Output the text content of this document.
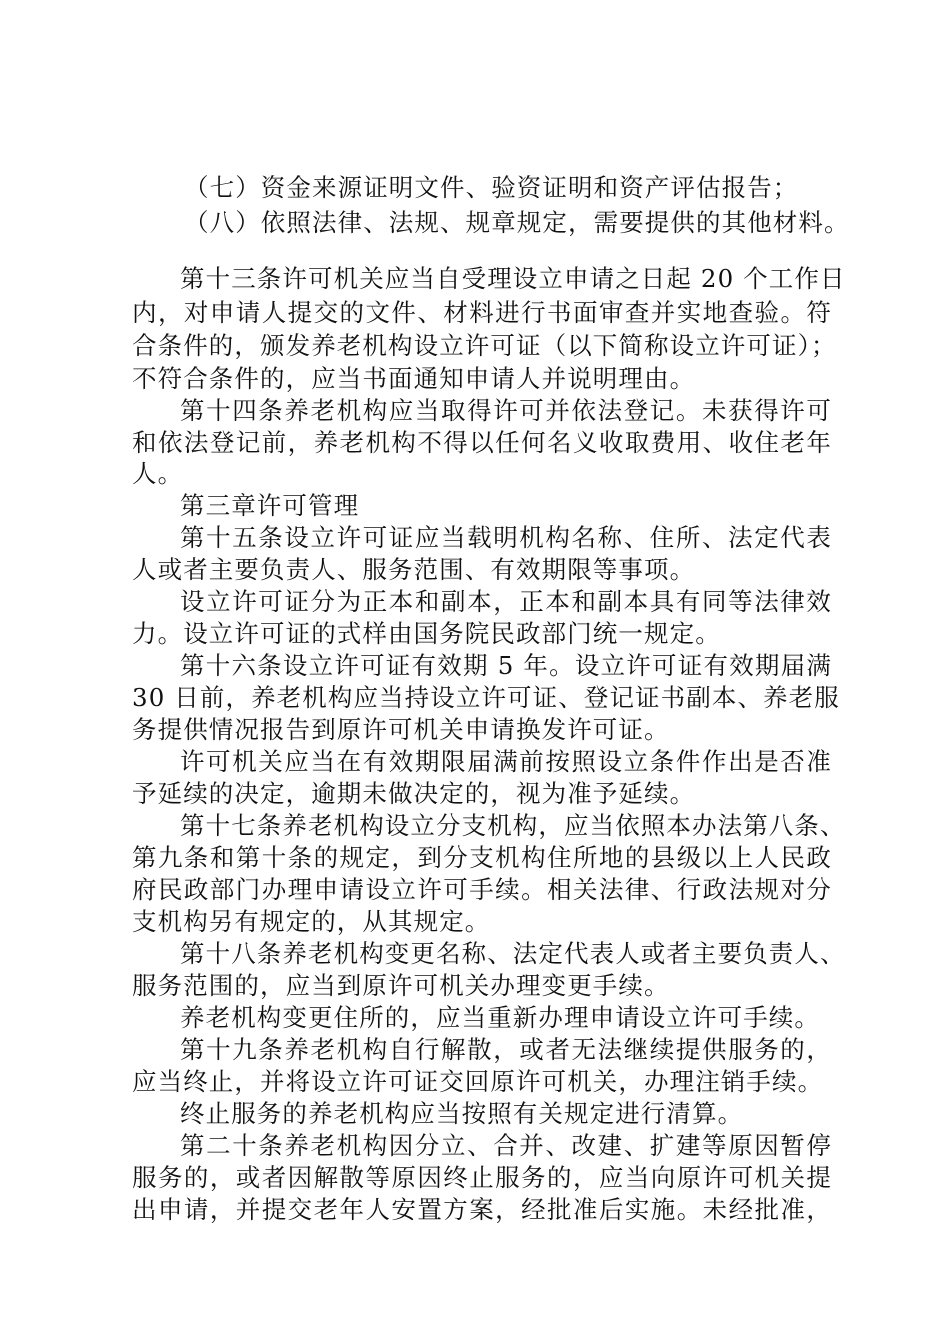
（七）资金来源证明文件、验资证明和资产评估报告；
（八）依照法律、法规、规章规定，需要提供的其他材料。
第十三条许可机关应当自受理设立申请之日起 20 个工作日
内，对申请人提交的文件、材料进行书面审查并实地查验。符
合条件的，颁发养老机构设立许可证（以下简称设立许可证）；
不符合条件的，应当书面通知申请人并说明理由。
第十四条养老机构应当取得许可并依法登记。未获得许可
和依法登记前，养老机构不得以任何名义收取费用、收住老年
人。
第三章许可管理
第十五条设立许可证应当载明机构名称、住所、法定代表
人或者主要负责人、服务范围、有效期限等事项。
设立许可证分为正本和副本，正本和副本具有同等法律效
力。设立许可证的式样由国务院民政部门统一规定。
第十六条设立许可证有效期 5 年。设立许可证有效期届满
30 日前，养老机构应当持设立许可证、登记证书副本、养老服
务提供情况报告到原许可机关申请换发许可证。
许可机关应当在有效期限届满前按照设立条件作出是否准
予延续的决定，逾期未做决定的，视为准予延续。
第十七条养老机构设立分支机构，应当依照本办法第八条、
第九条和第十条的规定，到分支机构住所地的县级以上人民政
府民政部门办理申请设立许可手续。相关法律、行政法规对分
支机构另有规定的，从其规定。
第十八条养老机构变更名称、法定代表人或者主要负责人、
服务范围的，应当到原许可机关办理变更手续。
养老机构变更住所的，应当重新办理申请设立许可手续。
第十九条养老机构自行解散，或者无法继续提供服务的，
应当终止，并将设立许可证交回原许可机关，办理注销手续。
终止服务的养老机构应当按照有关规定进行清算。
第二十条养老机构因分立、合并、改建、扩建等原因暂停
服务的，或者因解散等原因终止服务的，应当向原许可机关提
出申请，并提交老年人安置方案，经批准后实施。未经批准，
